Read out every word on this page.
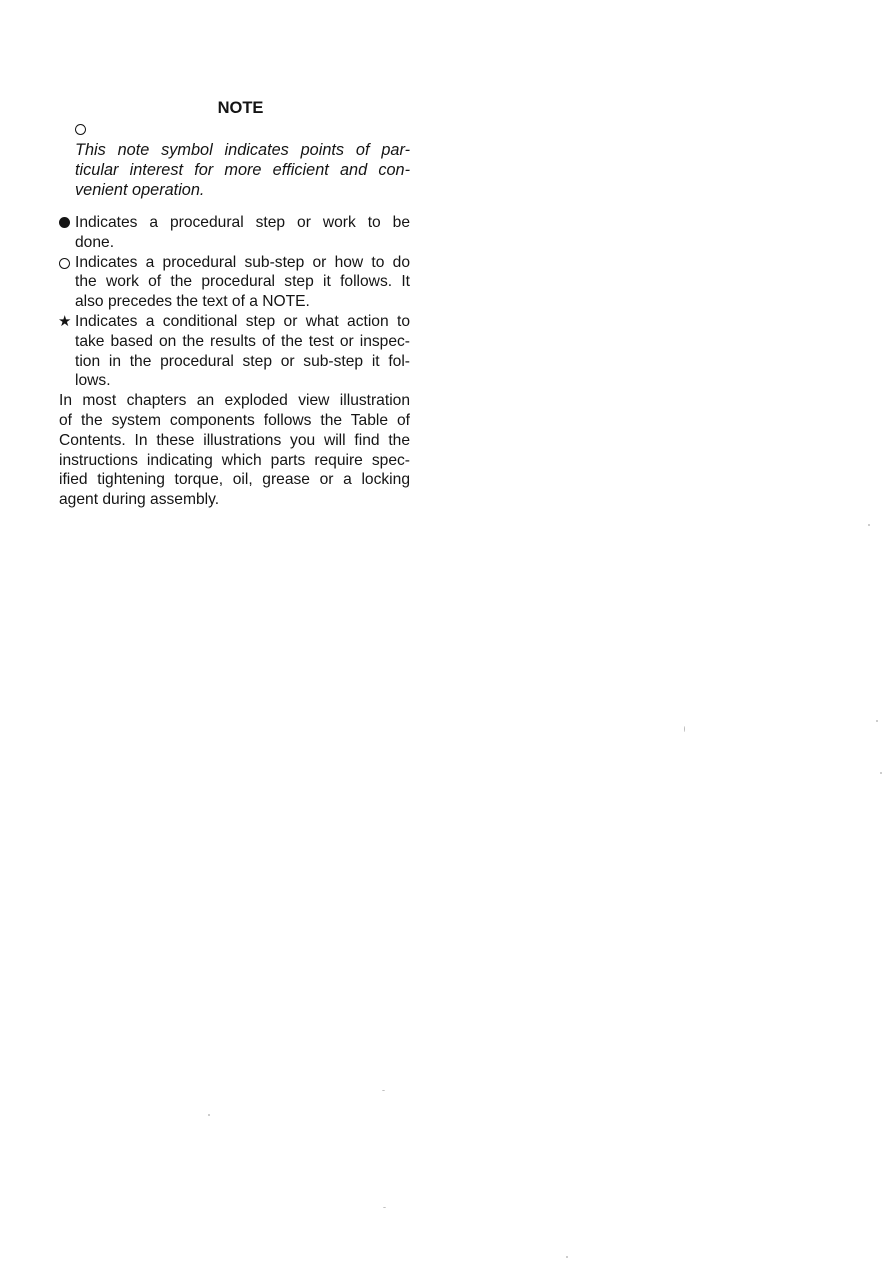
NOTE
This note symbol indicates points of par-
ticular interest for more efficient and con-
venient operation.
Indicates a procedural step or work to be
done.
Indicates a procedural sub-step or how to do
the work of the procedural step it follows. It
also precedes the text of a NOTE.
★ Indicates a conditional step or what action to
take based on the results of the test or inspec-
tion in the procedural step or sub-step it fol-
lows.
In most chapters an exploded view illustration
of the system components follows the Table of
Contents. In these illustrations you will find the
instructions indicating which parts require spec-
ified tightening torque, oil, grease or a locking
agent during assembly.
